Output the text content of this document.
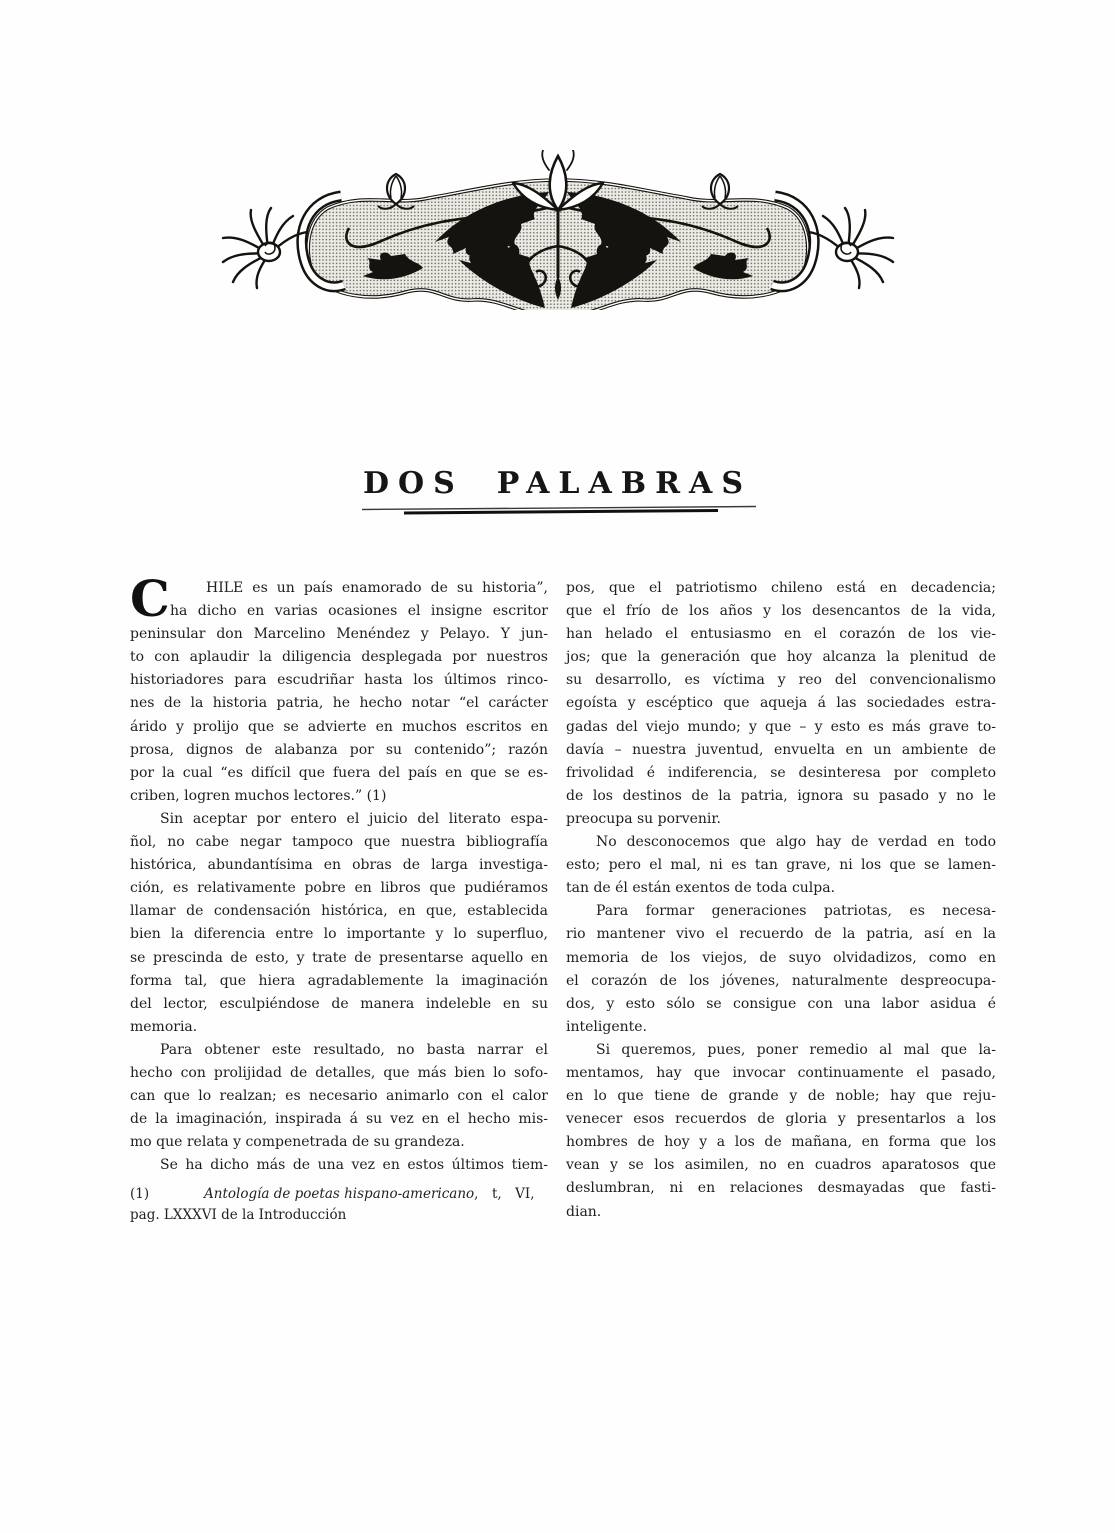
DOS PALABRAS
C	HILE es un país enamorado de su historia”,
ha dicho en varias ocasiones el insigne escritor
peninsular don Marcelino Menéndez y Pelayo. Y jun-
to con aplaudir la diligencia desplegada por nuestros
historiadores para escudriñar hasta los últimos rinco-
nes de la historia patria, he hecho notar “el carácter
árido y prolijo que se advierte en muchos escritos en
prosa, dignos de alabanza por su contenido”; razón
por la cual “es difícil que fuera del país en que se es-
criben, logren muchos lectores.” (1)
Sin aceptar por entero el juicio del literato espa-
ñol, no cabe negar tampoco que nuestra bibliografía
histórica, abundantísima en obras de larga investiga-
ción, es relativamente pobre en libros que pudiéramos
llamar de condensación histórica, en que, establecida
bien la diferencia entre lo importante y lo superfluo,
se prescinda de esto, y trate de presentarse aquello en
forma tal, que hiera agradablemente la imaginación
del lector, esculpiéndose de manera indeleble en su
memoria.
Para obtener este resultado, no basta narrar el
hecho con prolijidad de detalles, que más bien lo sofo-
can que lo realzan; es necesario animarlo con el calor
de la imaginación, inspirada á su vez en el hecho mis-
mo que relata y compenetrada de su grandeza.
Se ha dicho más de una vez en estos últimos tiem-
(1)	Antología de poetas hispano-americano,  t,  VI,
pag. LXXXVI de la Introducción
pos, que el patriotismo chileno está en decadencia;
que el frío de los años y los desencantos de la vida,
han helado el entusiasmo en el corazón de los vie-
jos; que la generación que hoy alcanza la plenitud de
su desarrollo, es víctima y reo del convencionalismo
egoísta y escéptico que aqueja á las sociedades estra-
gadas del viejo mundo; y que – y esto es más grave to-
davía – nuestra juventud, envuelta en un ambiente de
frivolidad é indiferencia, se desinteresa por completo
de los destinos de la patria, ignora su pasado y no le
preocupa su porvenir.
No desconocemos que algo hay de verdad en todo
esto; pero el mal, ni es tan grave, ni los que se lamen-
tan de él están exentos de toda culpa.
Para formar generaciones patriotas, es necesa-
rio mantener vivo el recuerdo de la patria, así en la
memoria de los viejos, de suyo olvidadizos, como en
el corazón de los jóvenes, naturalmente despreocupa-
dos, y esto sólo se consigue con una labor asidua é
inteligente.
Si queremos, pues, poner remedio al mal que la-
mentamos, hay que invocar continuamente el pasado,
en lo que tiene de grande y de noble; hay que reju-
venecer esos recuerdos de gloria y presentarlos a los
hombres de hoy y a los de mañana, en forma que los
vean y se los asimilen, no en cuadros aparatosos que
deslumbran, ni en relaciones desmayadas que fasti-
dian.
